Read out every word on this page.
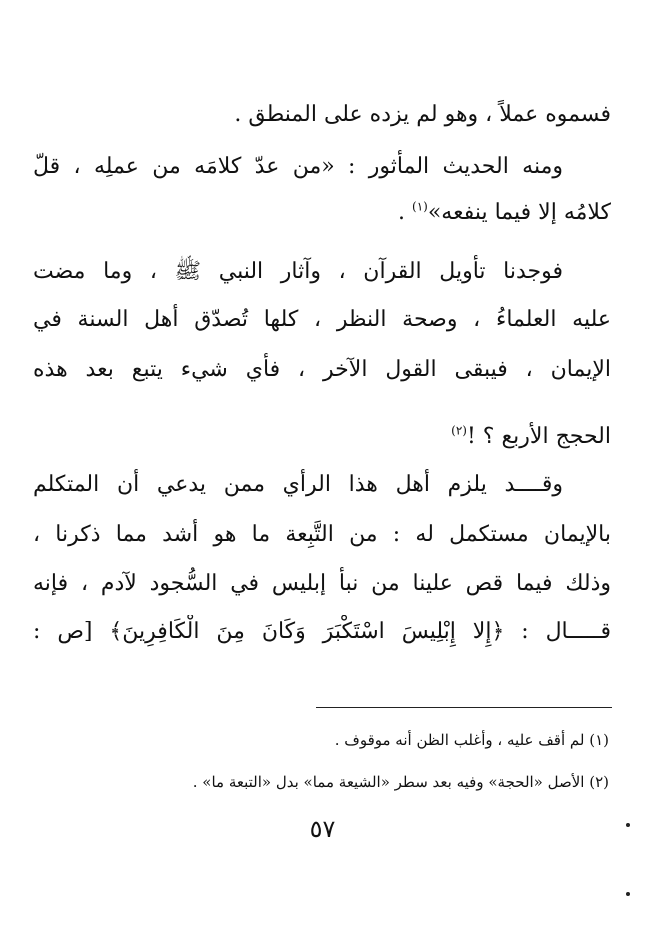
فسموه عملاً ، وهو لم يزده على المنطق .
ومنه الحديث المأثور : «من عدّ كلامَه من عملِه ، قلّ
كلامُه إلا فيما ينفعه»$^{(١)}$ .
فوجدنا تأويل القرآن ، وآثار النبي ﷺ ، وما مضت
عليه العلماءُ ، وصحة النظر ، كلها تُصدّق أهل السنة في
الإيمان ، فيبقى القول الآخر ، فأي شيء يتبع بعد هذه
الحجج الأربع ؟ !$^{(٢)}$
وقــــد يلزم أهل هذا الرأي ممن يدعي أن المتكلم
بالإيمان مستكمل له : من التَّبِعة ما هو أشد مما ذكرنا ،
وذلك فيما قص علينا من نبأ إبليس في السُّجود لآدم ، فإنه
قـــــال : ﴿إِلا إِبْلِيسَ اسْتَكْبَرَ وَكَانَ مِنَ الْكَافِرِينَ﴾ [ص :
(١) لم أقف عليه ، وأغلب الظن أنه موقوف .
(٢) الأصل «الحجة» وفيه بعد سطر «الشيعة مما» بدل «التبعة ما» .
٥٧
